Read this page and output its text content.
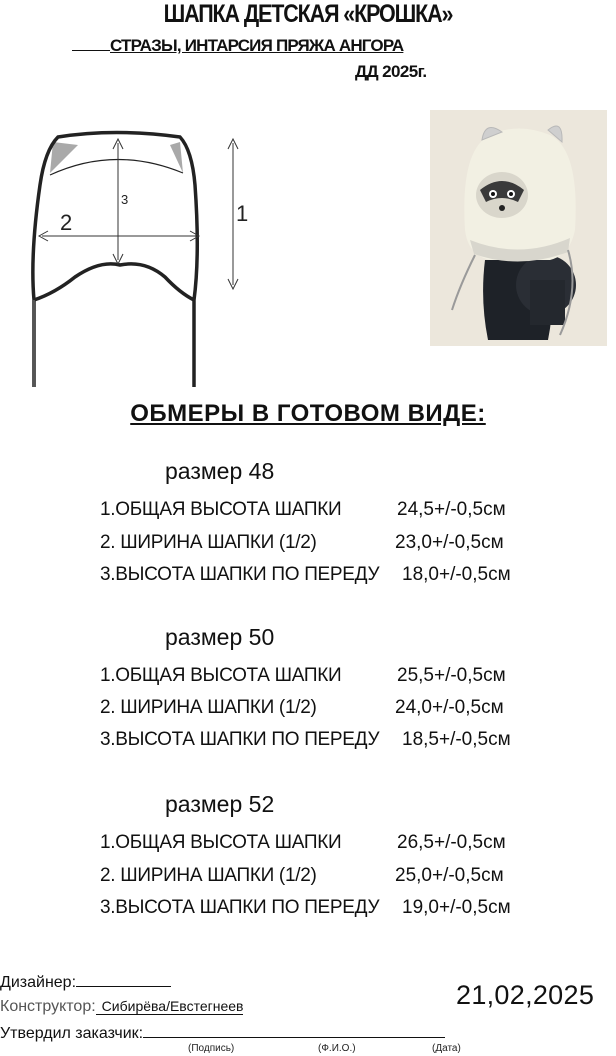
ШАПКА ДЕТСКАЯ «КРОШКА»
СТРАЗЫ, ИНТАРСИЯ ПРЯЖА АНГОРА
ДД 2025г.
3
2	1
ОБМЕРЫ В ГОТОВОМ ВИДЕ:
размер 48
1.ОБЩАЯ ВЫСОТА ШАПКИ	24,5+/-0,5см
2. ШИРИНА ШАПКИ (1/2)	23,0+/-0,5см
3.ВЫСОТА ШАПКИ ПО ПЕРЕДУ 18,0+/-0,5см
размер 50
1.ОБЩАЯ ВЫСОТА ШАПКИ	25,5+/-0,5см
2. ШИРИНА ШАПКИ (1/2)	24,0+/-0,5см
3.ВЫСОТА ШАПКИ ПО ПЕРЕДУ 18,5+/-0,5см
размер 52
1.ОБЩАЯ ВЫСОТА ШАПКИ	26,5+/-0,5см
2. ШИРИНА ШАПКИ (1/2)	25,0+/-0,5см
3.ВЫСОТА ШАПКИ ПО ПЕРЕДУ 19,0+/-0,5см
Дизайнер:
Конструктор: Сибирёва/Евстегнеев
Утвердил заказчик:
(Подпись)	(Ф.И.О.)	(Дата)
21,02,2025
